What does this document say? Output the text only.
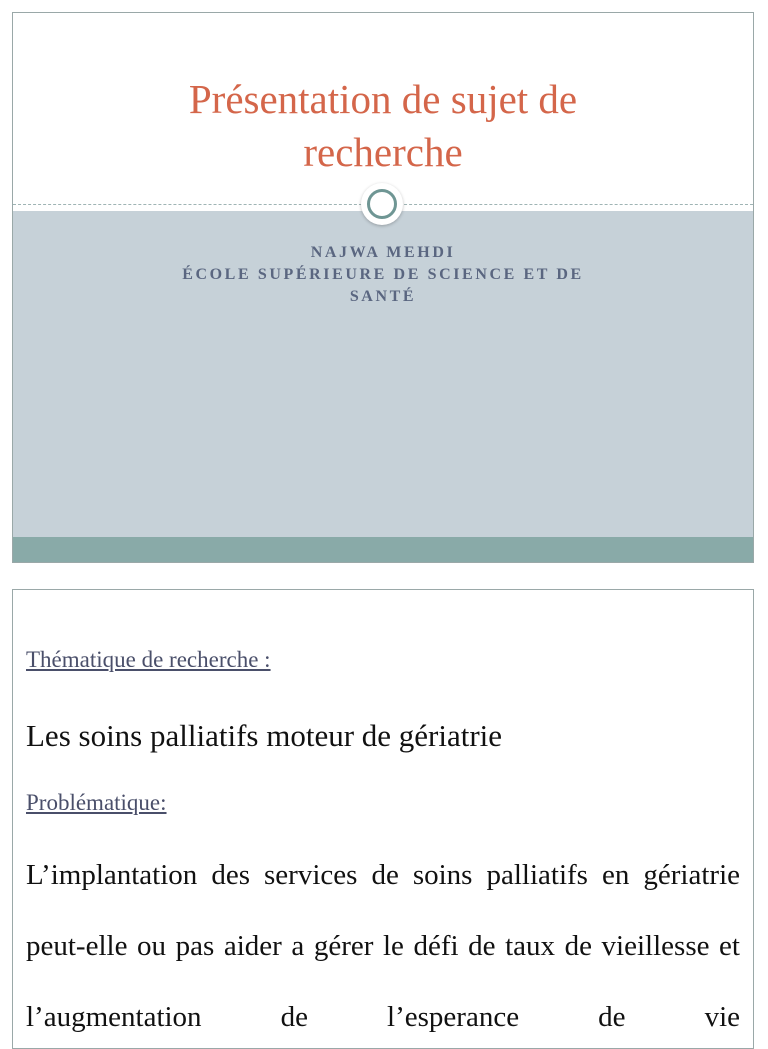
Présentation de sujet de
recherche
NAJWA MEHDI
ÉCOLE SUPÉRIEURE DE SCIENCE ET DE
SANTÉ
Thématique de recherche :
Les soins palliatifs moteur de gériatrie
Problématique:
L’implantation des services de soins palliatifs en gériatrie peut-elle ou pas aider a gérer le défi de taux de vieillesse et l’augmentation de l’esperance de vie
